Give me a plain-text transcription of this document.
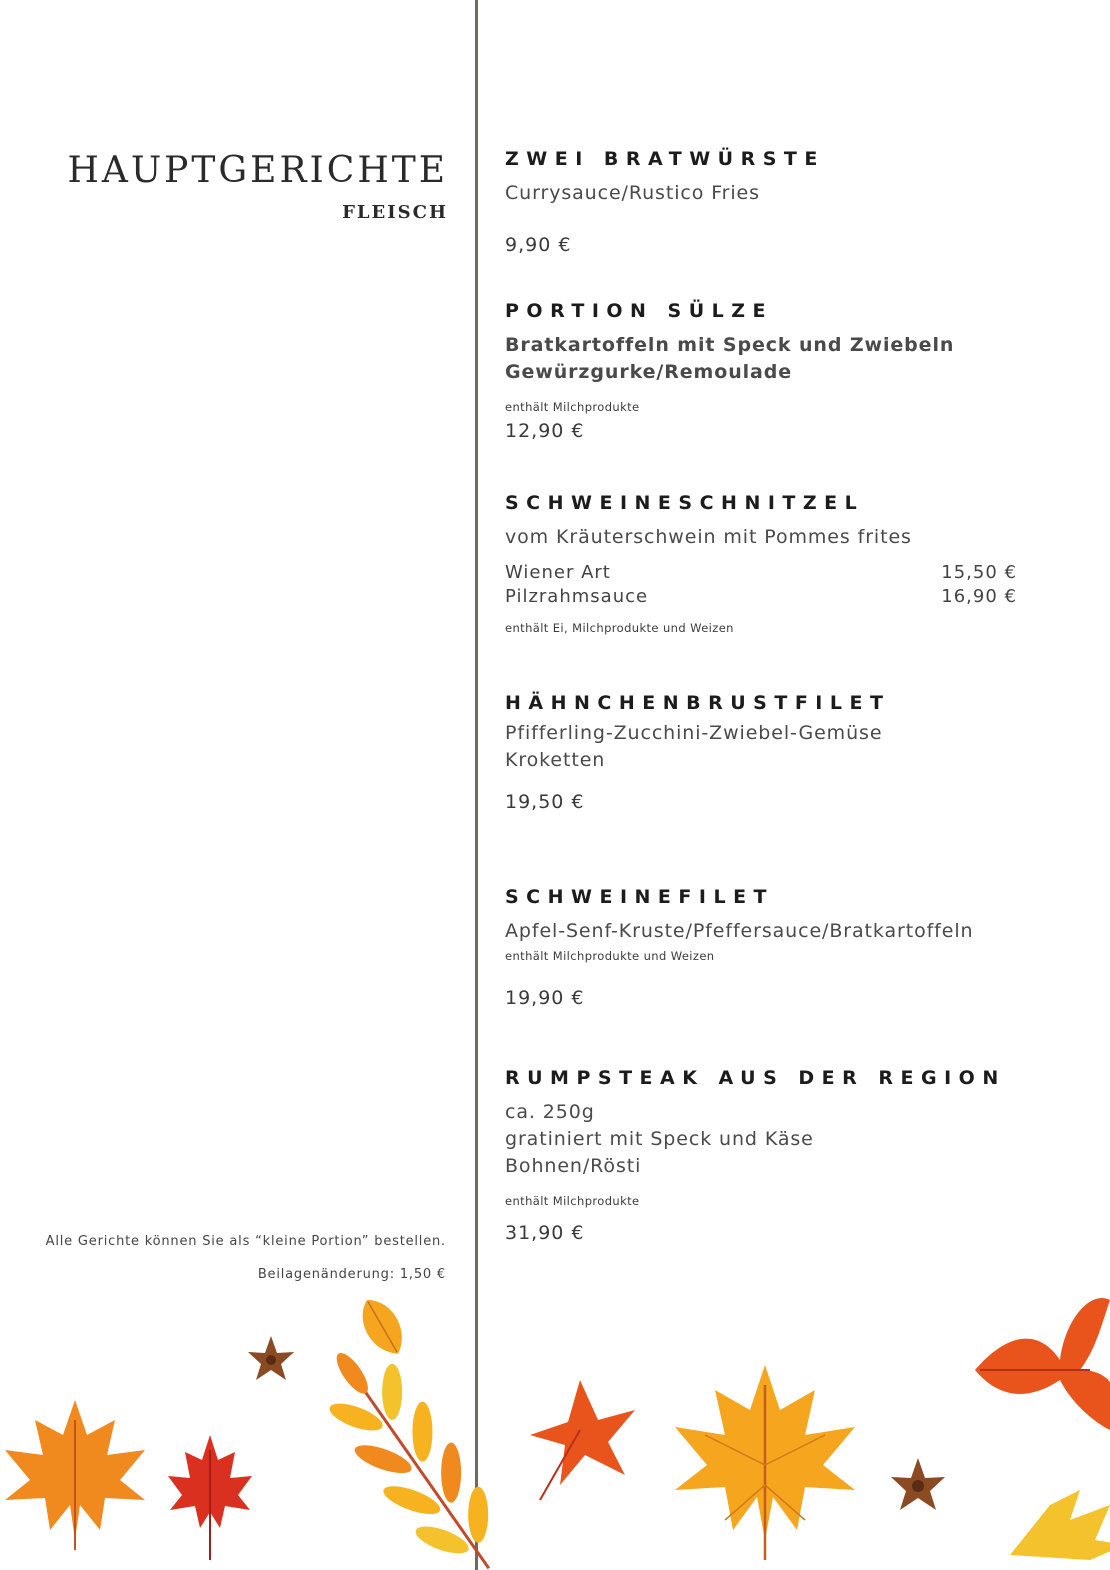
HAUPTGERICHTE
FLEISCH
Alle Gerichte können Sie als “kleine Portion” bestellen.
Beilagenänderung: 1,50 €
ZWEI BRATWÜRSTE
Currysauce/Rustico Fries
9,90 €
PORTION SÜLZE
Bratkartoffeln mit Speck und Zwiebeln
Gewürzgurke/Remoulade
enthält Milchprodukte
12,90 €
SCHWEINESCHNITZEL
vom Kräuterschwein mit Pommes frites
Wiener Art	15,50 €
Pilzrahmsauce	16,90 €
enthält Ei, Milchprodukte und Weizen
HÄHNCHENBRUSTFILET
Pfifferling-Zucchini-Zwiebel-Gemüse
Kroketten
19,50 €
SCHWEINEFILET
Apfel-Senf-Kruste/Pfeffersauce/Bratkartoffeln
enthält Milchprodukte und Weizen
19,90 €
RUMPSTEAK AUS DER REGION
ca. 250g
gratiniert mit Speck und Käse
Bohnen/Rösti
enthält Milchprodukte
31,90 €
